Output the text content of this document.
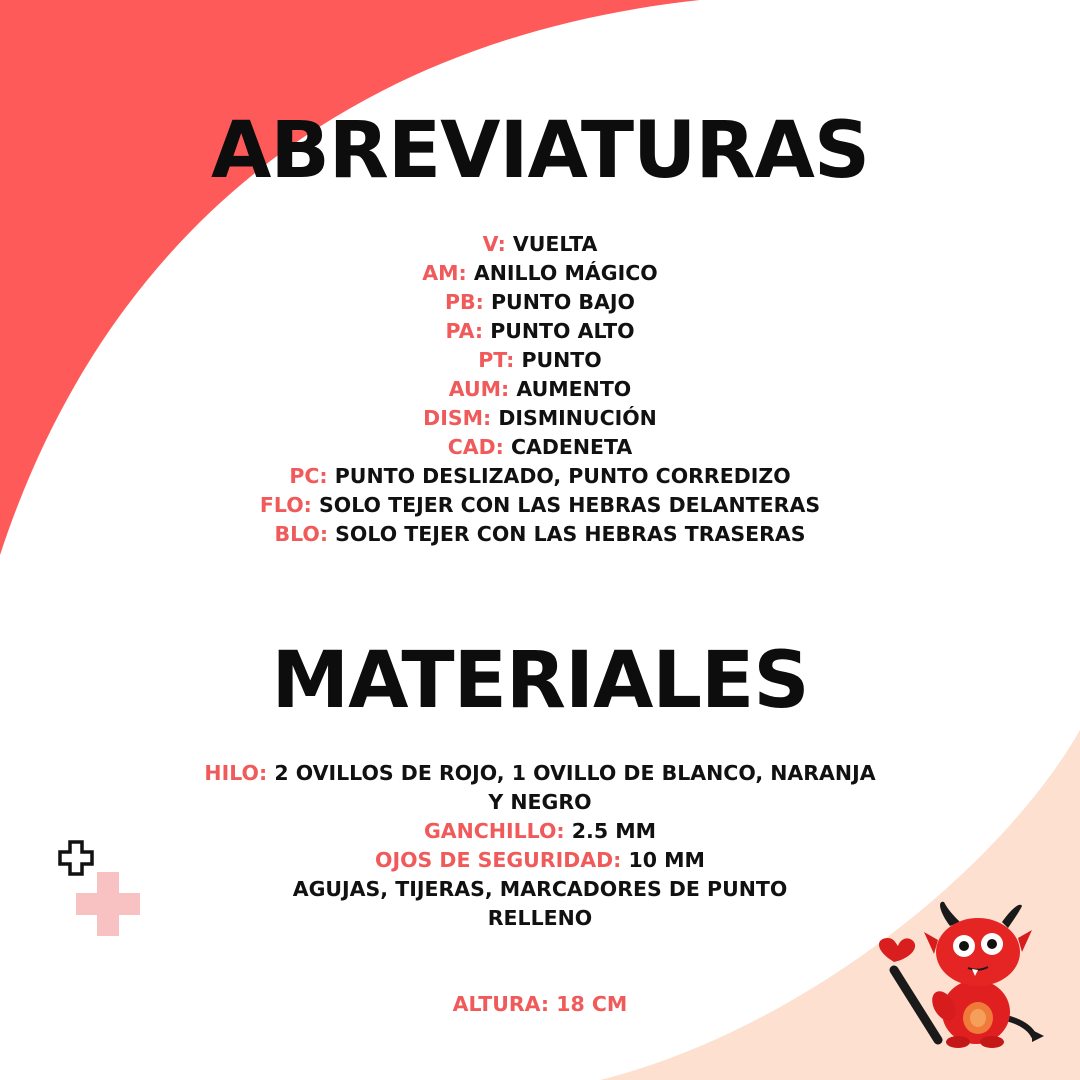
ABREVIATURAS
V: VUELTA
AM: ANILLO MÁGICO
PB: PUNTO BAJO
PA: PUNTO ALTO
PT: PUNTO
AUM: AUMENTO
DISM: DISMINUCIÓN
CAD: CADENETA
PC: PUNTO DESLIZADO, PUNTO CORREDIZO
FLO: SOLO TEJER CON LAS HEBRAS DELANTERAS
BLO: SOLO TEJER CON LAS HEBRAS TRASERAS
MATERIALES
HILO: 2 OVILLOS DE ROJO, 1 OVILLO DE BLANCO, NARANJA
Y NEGRO
GANCHILLO: 2.5 MM
OJOS DE SEGURIDAD: 10 MM
AGUJAS, TIJERAS, MARCADORES DE PUNTO
RELLENO
ALTURA: 18 CM
